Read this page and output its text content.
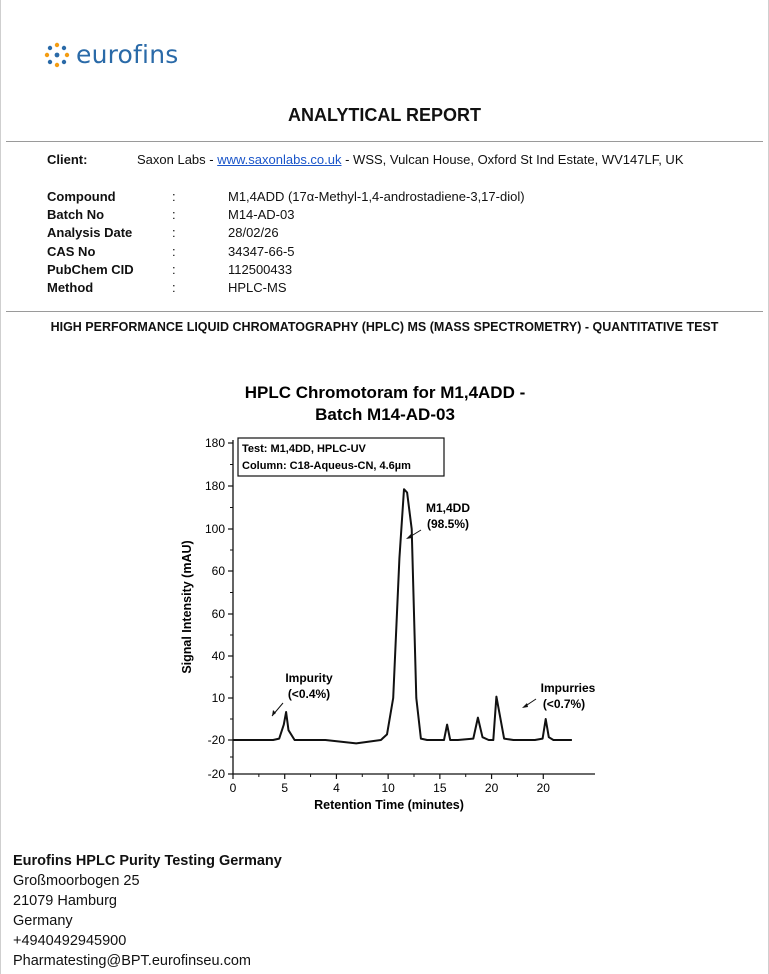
eurofins
ANALYTICAL REPORT
Client:	Saxon Labs - www.saxonlabs.co.uk - WSS, Vulcan House, Oxford St Ind Estate, WV147LF, UK
Compound	:	M1,4ADD (17α-Methyl-1,4-androstadiene-3,17-diol)
Batch No	:	M14-AD-03
Analysis Date	:	28/02/26
CAS No	:	34347-66-5
PubChem CID	:	112500433
Method	:	HPLC-MS
HIGH PERFORMANCE LIQUID CHROMATOGRAPHY (HPLC) MS (MASS SPECTROMETRY) - QUANTITATIVE TEST
HPLC Chromotoram for M1,4ADD -
Batch M14-AD-03
180
180
100
60
60
40
10
-20
-20
0	5	4	10	15	20	20
Test: M1,4DD, HPLC-UV
Column: C18-Aqueus-CN, 4.6µm
Impurity
(<0.4%)
M1,4DD
(98.5%)
Impurries
(<0.7%)
Retention Time (minutes)
Signal Intensity (mAU)
Eurofins HPLC Purity Testing Germany
Großmoorbogen 25
21079 Hamburg
Germany
+4940492945900
Pharmatesting@BPT.eurofinseu.com
